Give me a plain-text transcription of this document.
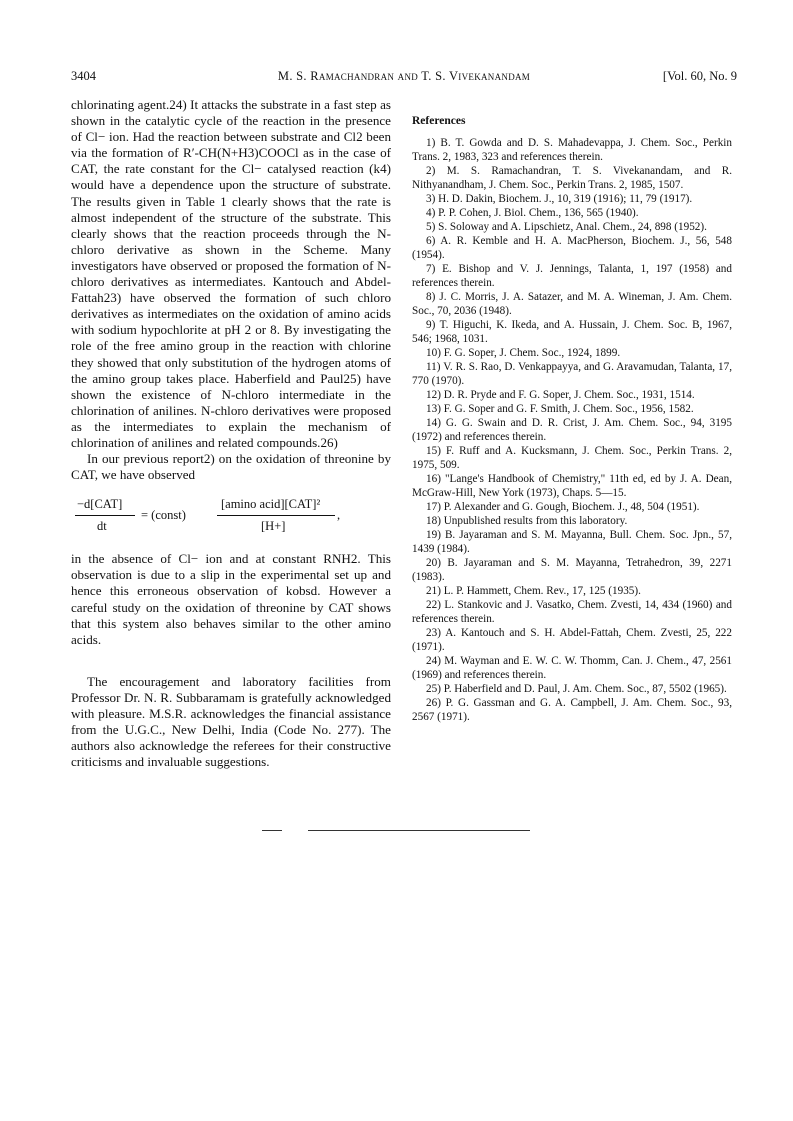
3404	M. S. Ramachandran and T. S. Vivekanandam	[Vol. 60, No. 9

chlorinating agent.24) It attacks the substrate in a fast step as shown in the catalytic cycle of the reaction in the presence of Cl− ion. Had the reaction between substrate and Cl2 been via the formation of R′-CH(N+H3)COOCl as in the case of CAT, the rate constant for the Cl− catalysed reaction (k4) would have a dependence upon the structure of substrate. The results given in Table 1 clearly shows that the rate is almost independent of the structure of the substrate. This clearly shows that the reaction proceeds through the N-chloro derivative as shown in the Scheme. Many investigators have observed or proposed the formation of N-chloro derivatives as intermediates. Kantouch and Abdel-Fattah23) have observed the formation of such chloro derivatives as intermediates on the oxidation of amino acids with sodium hypochlorite at pH 2 or 8. By investigating the role of the free amino group in the reaction with chlorine they showed that only substitution of the hydrogen atoms of the amino group takes place. Haberfield and Paul25) have shown the existence of N-chloro intermediate in the chlorination of anilines. N-chloro derivatives were proposed as the intermediates to explain the mechanism of chlorination of anilines and related compounds.26)

In our previous report2) on the oxidation of threonine by CAT, we have observed

−d[CAT]
dt
= (const)
[amino acid][CAT]²
[H+]
,

in the absence of Cl− ion and at constant RNH2. This observation is due to a slip in the experimental set up and hence this erroneous observation of kobsd. However a careful study on the oxidation of threonine by CAT shows that this system also behaves similar to the other amino acids.

The encouragement and laboratory facilities from Professor Dr. N. R. Subbaramam is gratefully acknowledged with pleasure. M.S.R. acknowledges the financial assistance from the U.G.C., New Delhi, India (Code No. 277). The authors also acknowledge the referees for their constructive criticisms and invaluable suggestions.

References

1) B. T. Gowda and D. S. Mahadevappa, J. Chem. Soc., Perkin Trans. 2, 1983, 323 and references therein.

2) M. S. Ramachandran, T. S. Vivekanandam, and R. Nithyanandham, J. Chem. Soc., Perkin Trans. 2, 1985, 1507.

3) H. D. Dakin, Biochem. J., 10, 319 (1916); 11, 79 (1917).

4) P. P. Cohen, J. Biol. Chem., 136, 565 (1940).

5) S. Soloway and A. Lipschietz, Anal. Chem., 24, 898 (1952).

6) A. R. Kemble and H. A. MacPherson, Biochem. J., 56, 548 (1954).

7) E. Bishop and V. J. Jennings, Talanta, 1, 197 (1958) and references therein.

8) J. C. Morris, J. A. Satazer, and M. A. Wineman, J. Am. Chem. Soc., 70, 2036 (1948).

9) T. Higuchi, K. Ikeda, and A. Hussain, J. Chem. Soc. B, 1967, 546; 1968, 1031.

10) F. G. Soper, J. Chem. Soc., 1924, 1899.

11) V. R. S. Rao, D. Venkappayya, and G. Aravamudan, Talanta, 17, 770 (1970).

12) D. R. Pryde and F. G. Soper, J. Chem. Soc., 1931, 1514.

13) F. G. Soper and G. F. Smith, J. Chem. Soc., 1956, 1582.

14) G. G. Swain and D. R. Crist, J. Am. Chem. Soc., 94, 3195 (1972) and references therein.

15) F. Ruff and A. Kucksmann, J. Chem. Soc., Perkin Trans. 2, 1975, 509.

16) "Lange's Handbook of Chemistry," 11th ed, ed by J. A. Dean, McGraw-Hill, New York (1973), Chaps. 5—15.

17) P. Alexander and G. Gough, Biochem. J., 48, 504 (1951).

18) Unpublished results from this laboratory.

19) B. Jayaraman and S. M. Mayanna, Bull. Chem. Soc. Jpn., 57, 1439 (1984).

20) B. Jayaraman and S. M. Mayanna, Tetrahedron, 39, 2271 (1983).

21) L. P. Hammett, Chem. Rev., 17, 125 (1935).

22) L. Stankovic and J. Vasatko, Chem. Zvesti, 14, 434 (1960) and references therein.

23) A. Kantouch and S. H. Abdel-Fattah, Chem. Zvesti, 25, 222 (1971).

24) M. Wayman and E. W. C. W. Thomm, Can. J. Chem., 47, 2561 (1969) and references therein.

25) P. Haberfield and D. Paul, J. Am. Chem. Soc., 87, 5502 (1965).

26) P. G. Gassman and G. A. Campbell, J. Am. Chem. Soc., 93, 2567 (1971).
